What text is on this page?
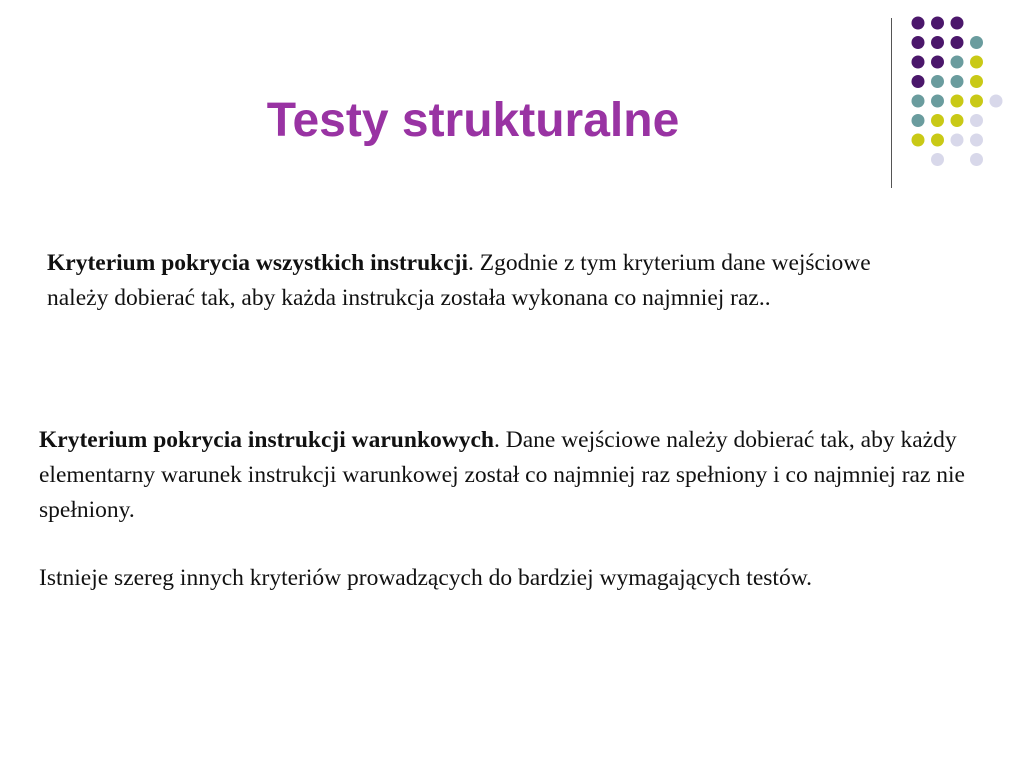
Testy strukturalne

Kryterium pokrycia wszystkich instrukcji. Zgodnie z tym kryterium dane wejściowe należy dobierać tak, aby każda instrukcja została wykonana co najmniej raz..

Kryterium pokrycia instrukcji warunkowych. Dane wejściowe należy dobierać tak, aby każdy elementarny warunek instrukcji warunkowej został co najmniej raz spełniony i co najmniej raz nie spełniony.

Istnieje szereg innych kryteriów prowadzących do bardziej wymagających testów.
